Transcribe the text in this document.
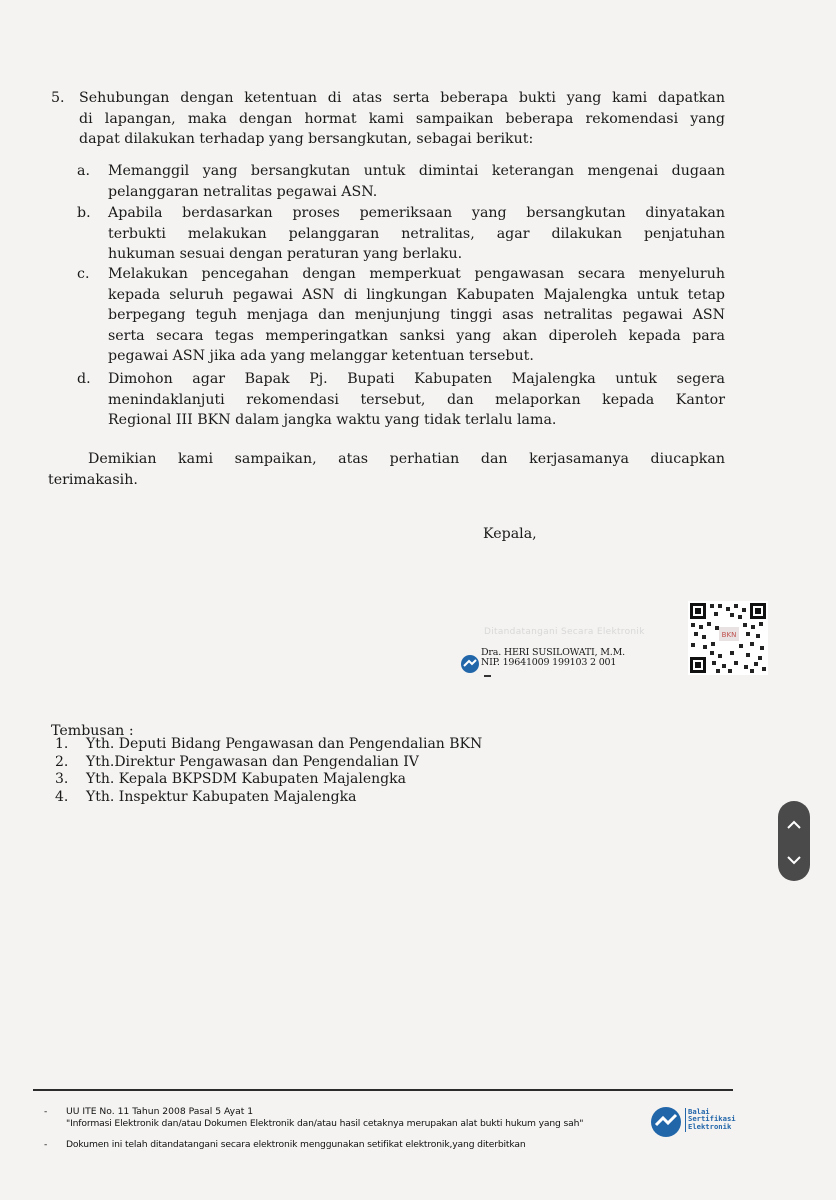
5. Sehubungan dengan ketentuan di atas serta beberapa bukti yang kami dapatkan
di lapangan, maka dengan hormat kami sampaikan beberapa rekomendasi yang
dapat dilakukan terhadap yang bersangkutan, sebagai berikut:
a. Memanggil yang bersangkutan untuk dimintai keterangan mengenai dugaan
pelanggaran netralitas pegawai ASN.
b. Apabila berdasarkan proses pemeriksaan yang bersangkutan dinyatakan
terbukti melakukan pelanggaran netralitas, agar dilakukan penjatuhan
hukuman sesuai dengan peraturan yang berlaku.
c. Melakukan pencegahan dengan memperkuat pengawasan secara menyeluruh
kepada seluruh pegawai ASN di lingkungan Kabupaten Majalengka untuk tetap
berpegang teguh menjaga dan menjunjung tinggi asas netralitas pegawai ASN
serta secara tegas memperingatkan sanksi yang akan diperoleh kepada para
pegawai ASN jika ada yang melanggar ketentuan tersebut.
d. Dimohon agar Bapak Pj. Bupati Kabupaten Majalengka untuk segera
menindaklanjuti rekomendasi tersebut, dan melaporkan kepada Kantor
Regional III BKN dalam jangka waktu yang tidak terlalu lama.
Demikian kami sampaikan, atas perhatian dan kerjasamanya diucapkan
terimakasih.
Kepala,
Ditandatangani Secara Elektronik
Dra. HERI SUSILOWATI, M.M.
NIP. 19641009 199103 2 001
BKN
Tembusan :
1. Yth. Deputi Bidang Pengawasan dan Pengendalian BKN
2. Yth.Direktur Pengawasan dan Pengendalian IV
3. Yth. Kepala BKPSDM Kabupaten Majalengka
4. Yth. Inspektur Kabupaten Majalengka
- UU ITE No. 11 Tahun 2008 Pasal 5 Ayat 1
"Informasi Elektronik dan/atau Dokumen Elektronik dan/atau hasil cetaknya merupakan alat bukti hukum yang sah"
- Dokumen ini telah ditandatangani secara elektronik menggunakan setifikat elektronik,yang diterbitkan
Balai
Sertifikasi
Elektronik
